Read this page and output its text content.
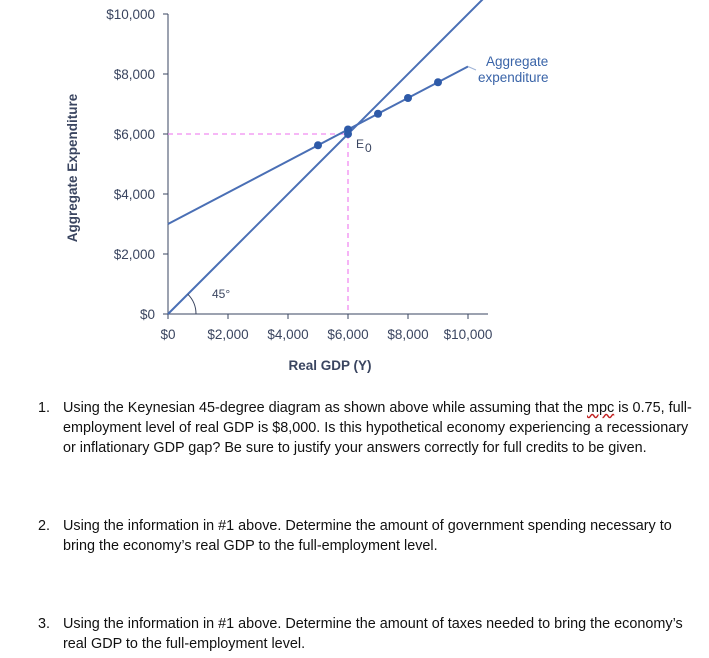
$0
$2,000
$4,000
$6,000
$8,000
$10,000
$0 $2,000 $4,000 $6,000 $8,000 $10,000
E 0
45°
Aggregate
expenditure
Real GDP (Y)
Aggregate Expenditure
1. Using the Keynesian 45-degree diagram as shown above while assuming that the mpc is 0.75, full-employment level of real GDP is $8,000. Is this hypothetical economy experiencing a recessionary or inflationary GDP gap? Be sure to justify your answers correctly for full credits to be given.
2. Using the information in #1 above. Determine the amount of government spending necessary to bring the economy’s real GDP to the full-employment level.
3. Using the information in #1 above. Determine the amount of taxes needed to bring the economy’s real GDP to the full-employment level.
